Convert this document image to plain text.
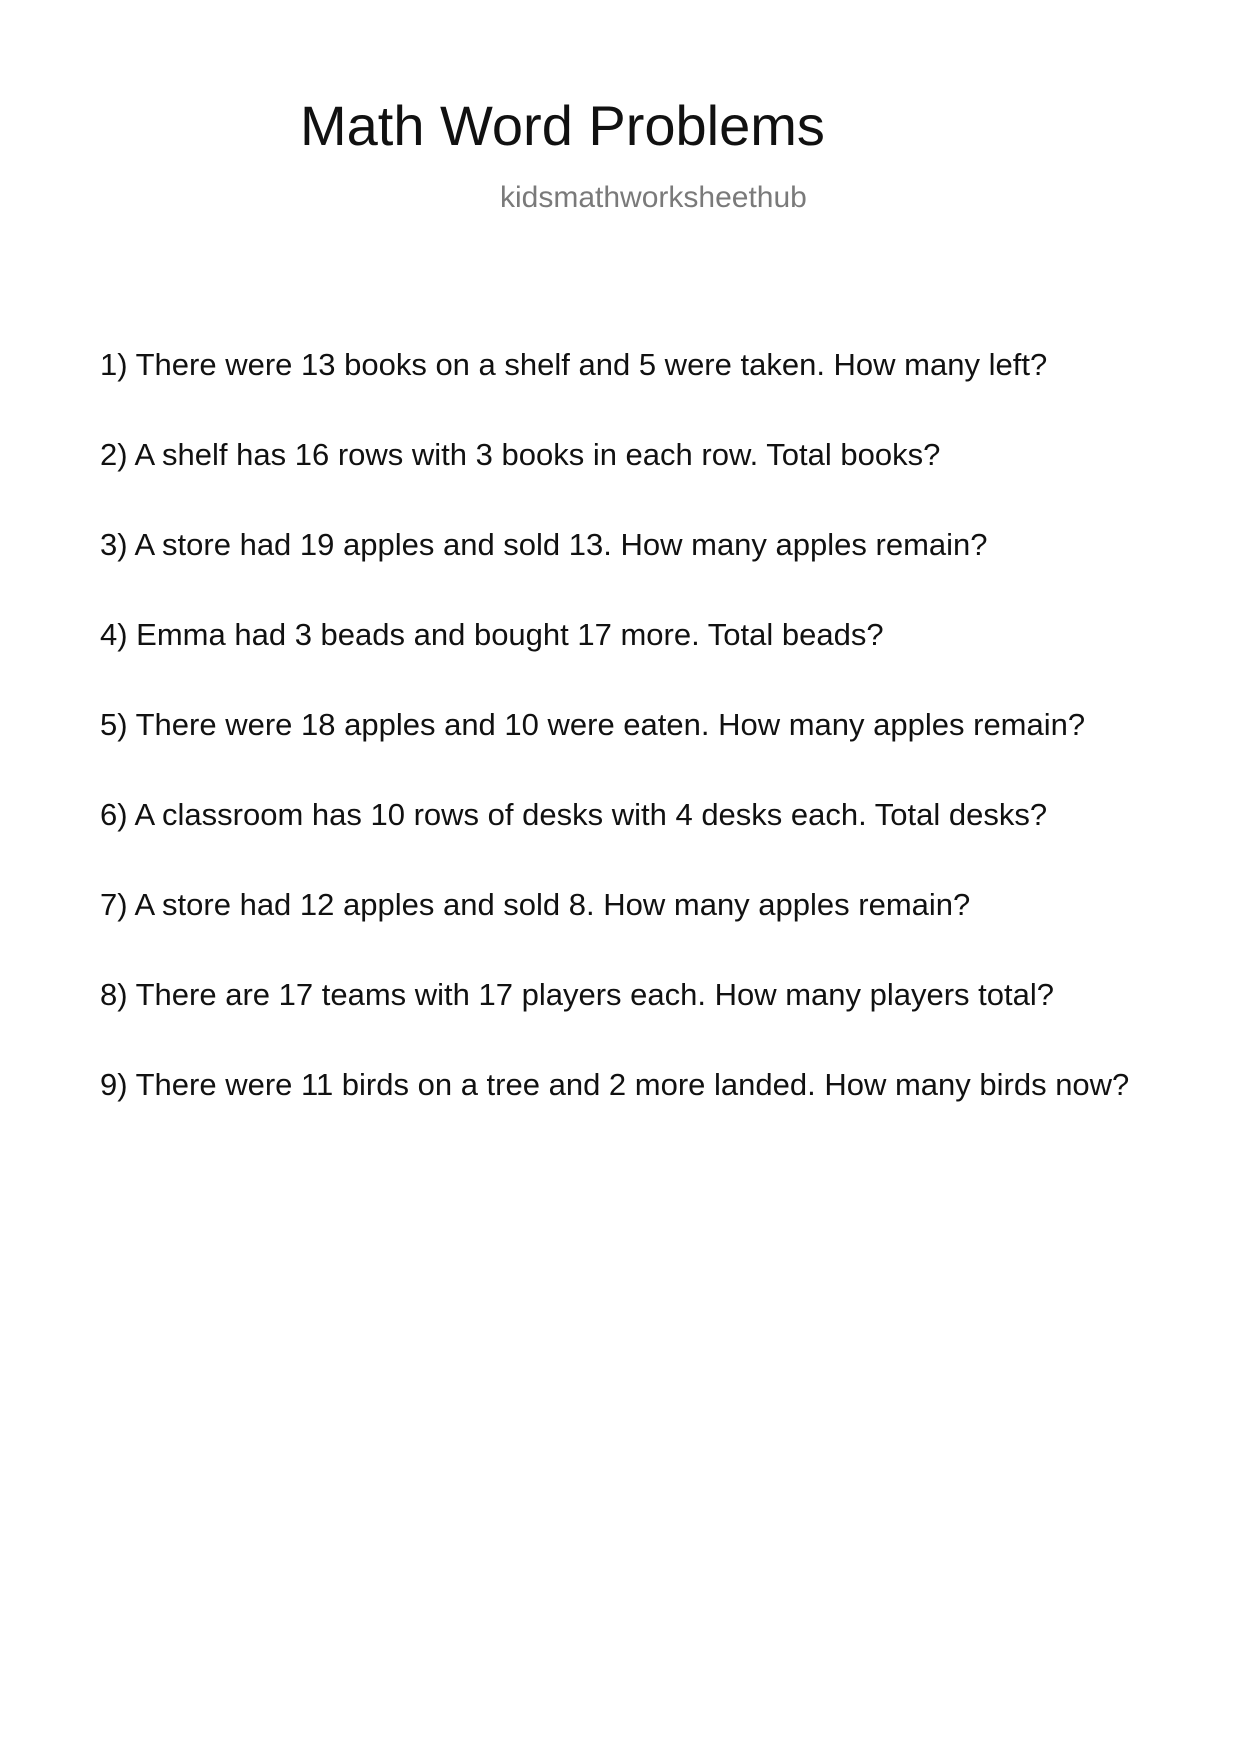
Math Word Problems
kidsmathworksheethub
1) There were 13 books on a shelf and 5 were taken. How many left?
2) A shelf has 16 rows with 3 books in each row. Total books?
3) A store had 19 apples and sold 13. How many apples remain?
4) Emma had 3 beads and bought 17 more. Total beads?
5) There were 18 apples and 10 were eaten. How many apples remain?
6) A classroom has 10 rows of desks with 4 desks each. Total desks?
7) A store had 12 apples and sold 8. How many apples remain?
8) There are 17 teams with 17 players each. How many players total?
9) There were 11 birds on a tree and 2 more landed. How many birds now?
